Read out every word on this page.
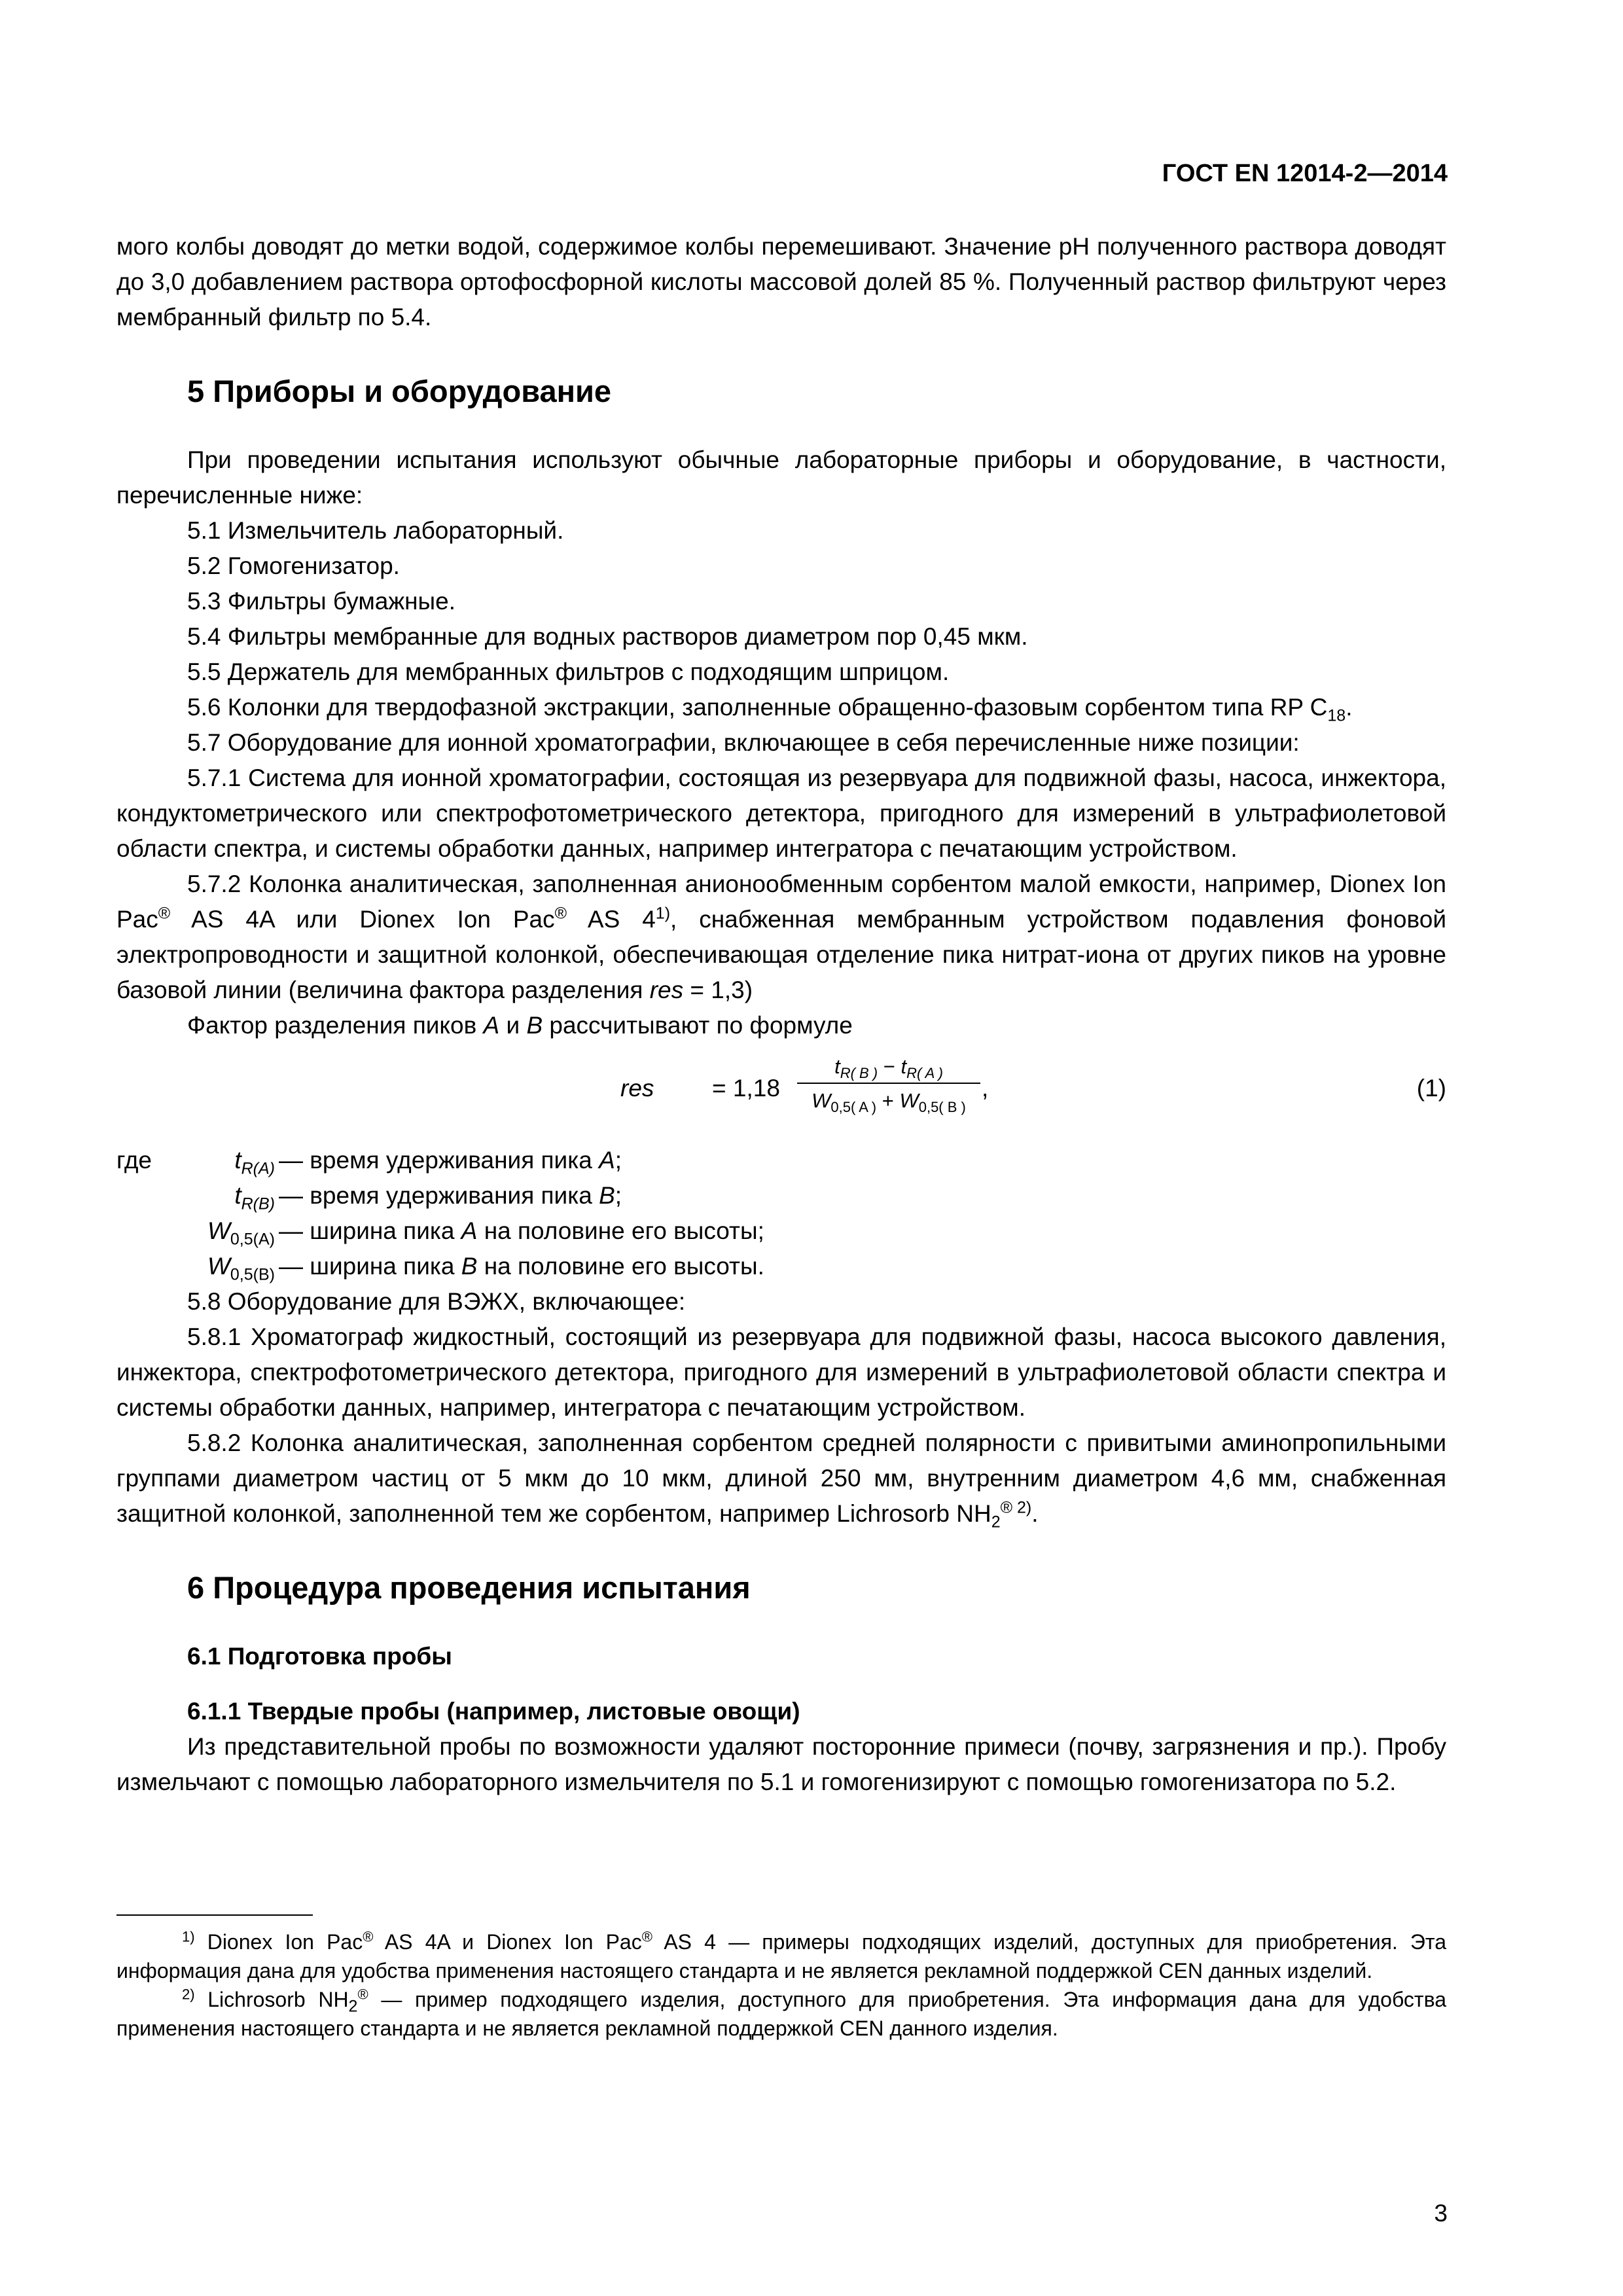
ГОСТ EN 12014-2—2014

мого колбы доводят до метки водой, содержимое колбы перемешивают. Значение pH полученного раствора доводят до 3,0 добавлением раствора ортофосфорной кислоты массовой долей 85 %. Полученный раствор фильтруют через мембранный фильтр по 5.4.

5 Приборы и оборудование

При проведении испытания используют обычные лабораторные приборы и оборудование, в частности, перечисленные ниже:

5.1 Измельчитель лабораторный.

5.2 Гомогенизатор.

5.3 Фильтры бумажные.

5.4 Фильтры мембранные для водных растворов диаметром пор 0,45 мкм.

5.5 Держатель для мембранных фильтров с подходящим шприцом.

5.6 Колонки для твердофазной экстракции, заполненные обращенно-фазовым сорбентом типа RP $C_{18}$.

5.7 Оборудование для ионной хроматографии, включающее в себя перечисленные ниже позиции:

5.7.1 Система для ионной хроматографии, состоящая из резервуара для подвижной фазы, насоса, инжектора, кондуктометрического или спектрофотометрического детектора, пригодного для измерений в ультрафиолетовой области спектра, и системы обработки данных, например интегратора с печатающим устройством.

5.7.2 Колонка аналитическая, заполненная анионообменным сорбентом малой емкости, например, Dionex Ion Pac® AS 4A или Dionex Ion Pac® AS 4$^{1)}$, снабженная мембранным устройством подавления фоновой электропроводности и защитной колонкой, обеспечивающая отделение пика нитрат-иона от других пиков на уровне базовой линии (величина фактора разделения res = 1,3)

Фактор разделения пиков A и B рассчитывают по формуле

res = 1,18
$t_{R( B )} - t_{R( A )}$
$W_{0,5( A )} + W_{0,5( B )}$
,	(1)
где	$t_{R(A)}$ — время удерживания пика A;
$t_{R(B)}$ — время удерживания пика B;
$W_{0,5(A)}$ — ширина пика A на половине его высоты;
$W_{0,5(B)}$ — ширина пика B на половине его высоты.

5.8 Оборудование для ВЭЖХ, включающее:

5.8.1 Хроматограф жидкостный, состоящий из резервуара для подвижной фазы, насоса высокого давления, инжектора, спектрофотометрического детектора, пригодного для измерений в ультрафиолетовой области спектра и системы обработки данных, например, интегратора с печатающим устройством.

5.8.2 Колонка аналитическая, заполненная сорбентом средней полярности с привитыми аминопропильными группами диаметром частиц от 5 мкм до 10 мкм, длиной 250 мм, внутренним диаметром 4,6 мм, снабженная защитной колонкой, заполненной тем же сорбентом, например Lichrosorb $NH_2^{® 2)}$.

6 Процедура проведения испытания
6.1 Подготовка пробы
6.1.1 Твердые пробы (например, листовые овощи)

Из представительной пробы по возможности удаляют посторонние примеси (почву, загрязнения и пр.). Пробу измельчают с помощью лабораторного измельчителя по 5.1 и гомогенизируют с помощью гомогенизатора по 5.2.

$^{1)}$ Dionex Ion Pac® AS 4A и Dionex Ion Pac® AS 4 — примеры подходящих изделий, доступных для приобретения. Эта информация дана для удобства применения настоящего стандарта и не является рекламной поддержкой CEN данных изделий.

$^{2)}$ Lichrosorb $NH_2®$ — пример подходящего изделия, доступного для приобретения. Эта информация дана для удобства применения настоящего стандарта и не является рекламной поддержкой CEN данного изделия.

3
